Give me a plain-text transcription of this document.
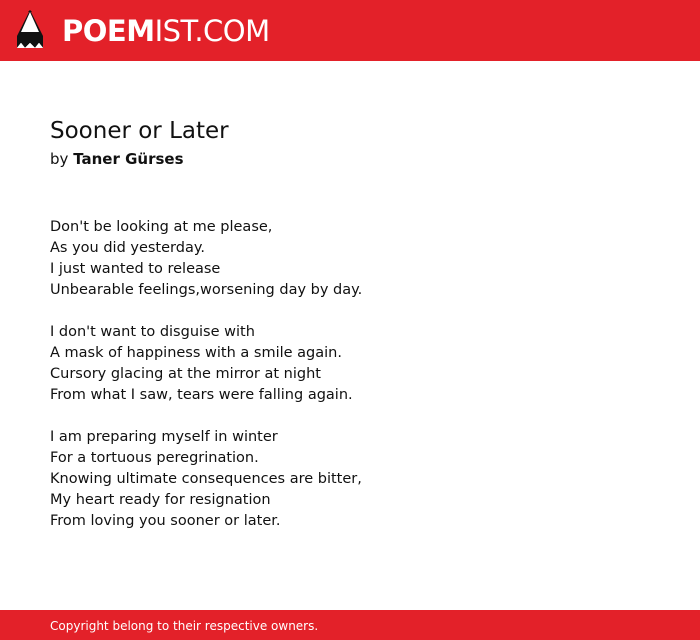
POEMIST.COM
Sooner or Later
by Taner Gürses
Don't be looking at me please,
As you did yesterday.
I just wanted to release
Unbearable feelings,worsening day by day.
I don't want to disguise with
A mask of happiness with a smile again.
Cursory glacing at the mirror at night
From what I saw, tears were falling again.
I am preparing myself in winter
For a tortuous peregrination.
Knowing ultimate consequences are bitter,
My heart ready for resignation
From loving you sooner or later.
Copyright belong to their respective owners.
